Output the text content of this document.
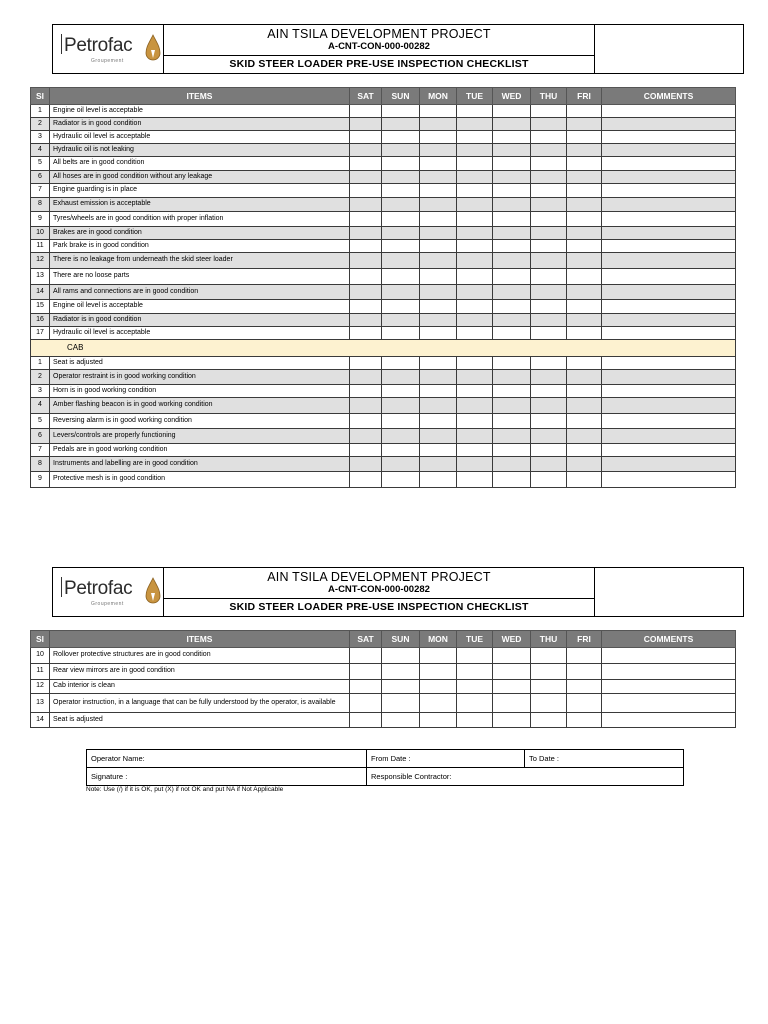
Petrofac
Groupement
AIN TSILA DEVELOPMENT PROJECT
A-CNT-CON-000-00282
SKID STEER LOADER PRE-USE INSPECTION CHECKLIST
Sl	ITEMS	SAT	SUN	MON	TUE	WED	THU	FRI	COMMENTS
1	Engine oil level is acceptable								
2	Radiator is in good condition								
3	Hydraulic oil level is acceptable								
4	Hydraulic oil is not leaking								
5	All belts are in good condition								
6	All hoses are in good condition without any leakage								
7	Engine guarding is in place								
8	Exhaust emission is acceptable								
9	Tyres/wheels are in good condition with proper inflation								
10	Brakes are in good condition								
11	Park brake is in good condition								
12	There is no leakage from underneath the skid steer loader								
13	There are no loose parts								
14	All rams and connections are in good condition								
15	Engine oil level is acceptable								
16	Radiator is in good condition								
17	Hydraulic oil level is acceptable								
CAB									
1	Seat is adjusted								
2	Operator restraint is in good working condition								
3	Horn is in good working condition								
4	Amber flashing beacon is in good working condition								
5	Reversing alarm is in good working condition								
6	Levers/controls are properly functioning								
7	Pedals are in good working condition								
8	Instruments and labelling are in good condition								
9	Protective mesh is in good condition								
Petrofac
Groupement
AIN TSILA DEVELOPMENT PROJECT
A-CNT-CON-000-00282
SKID STEER LOADER PRE-USE INSPECTION CHECKLIST
Sl	ITEMS	SAT	SUN	MON	TUE	WED	THU	FRI	COMMENTS
10	Rollover protective structures are in good condition								
11	Rear view mirrors are in good condition								
12	Cab interior is clean								
13	Operator instruction, in a language that can be fully understood by the operator, is available								
14	Seat is adjusted								
Operator Name:	From Date :	To Date :
Signature :	Responsible Contractor:	
Note: Use (/) if it is OK, put (X) if not OK and put NA if Not Applicable
